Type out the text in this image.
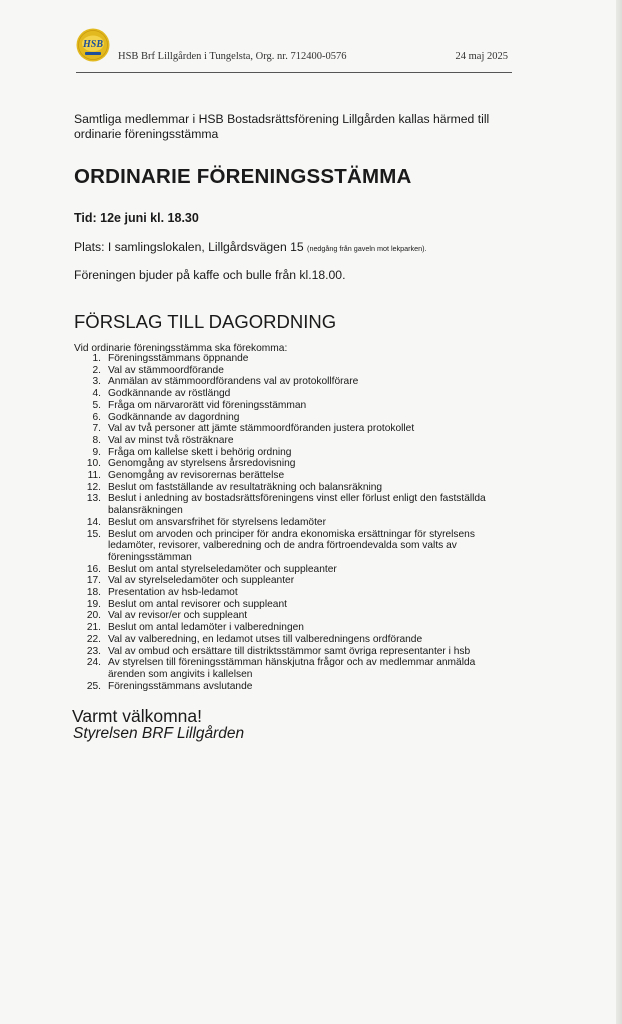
HSB
HSB Brf Lillgården i Tungelsta, Org. nr. 712400-0576	24 maj 2025
Samtliga medlemmar i HSB Bostadsrättsförening Lillgården kallas härmed till ordinarie föreningsstämma
ORDINARIE FÖRENINGSSTÄMMA
Tid: 12e juni kl. 18.30
Plats: I samlingslokalen, Lillgårdsvägen 15 (nedgång från gaveln mot lekparken).
Föreningen bjuder på kaffe och bulle från kl.18.00.
FÖRSLAG TILL DAGORDNING
Vid ordinarie föreningsstämma ska förekomma:
1. Föreningsstämmans öppnande
2. Val av stämmoordförande
3. Anmälan av stämmoordförandens val av protokollförare
4. Godkännande av röstlängd
5. Fråga om närvarorätt vid föreningsstämman
6. Godkännande av dagordning
7. Val av två personer att jämte stämmoordföranden justera protokollet
8. Val av minst två rösträknare
9. Fråga om kallelse skett i behörig ordning
10. Genomgång av styrelsens årsredovisning
11. Genomgång av revisorernas berättelse
12. Beslut om fastställande av resultaträkning och balansräkning
13. Beslut i anledning av bostadsrättsföreningens vinst eller förlust enligt den fastställda balansräkningen
14. Beslut om ansvarsfrihet för styrelsens ledamöter
15. Beslut om arvoden och principer för andra ekonomiska ersättningar för styrelsens ledamöter, revisorer, valberedning och de andra förtroendevalda som valts av föreningsstämman
16. Beslut om antal styrelseledamöter och suppleanter
17. Val av styrelseledamöter och suppleanter
18. Presentation av hsb-ledamot
19. Beslut om antal revisorer och suppleant
20. Val av revisor/er och suppleant
21. Beslut om antal ledamöter i valberedningen
22. Val av valberedning, en ledamot utses till valberedningens ordförande
23. Val av ombud och ersättare till distriktsstämmor samt övriga representanter i hsb
24. Av styrelsen till föreningsstämman hänskjutna frågor och av medlemmar anmälda ärenden som angivits i kallelsen
25. Föreningsstämmans avslutande
Varmt välkomna!
Styrelsen BRF Lillgården
